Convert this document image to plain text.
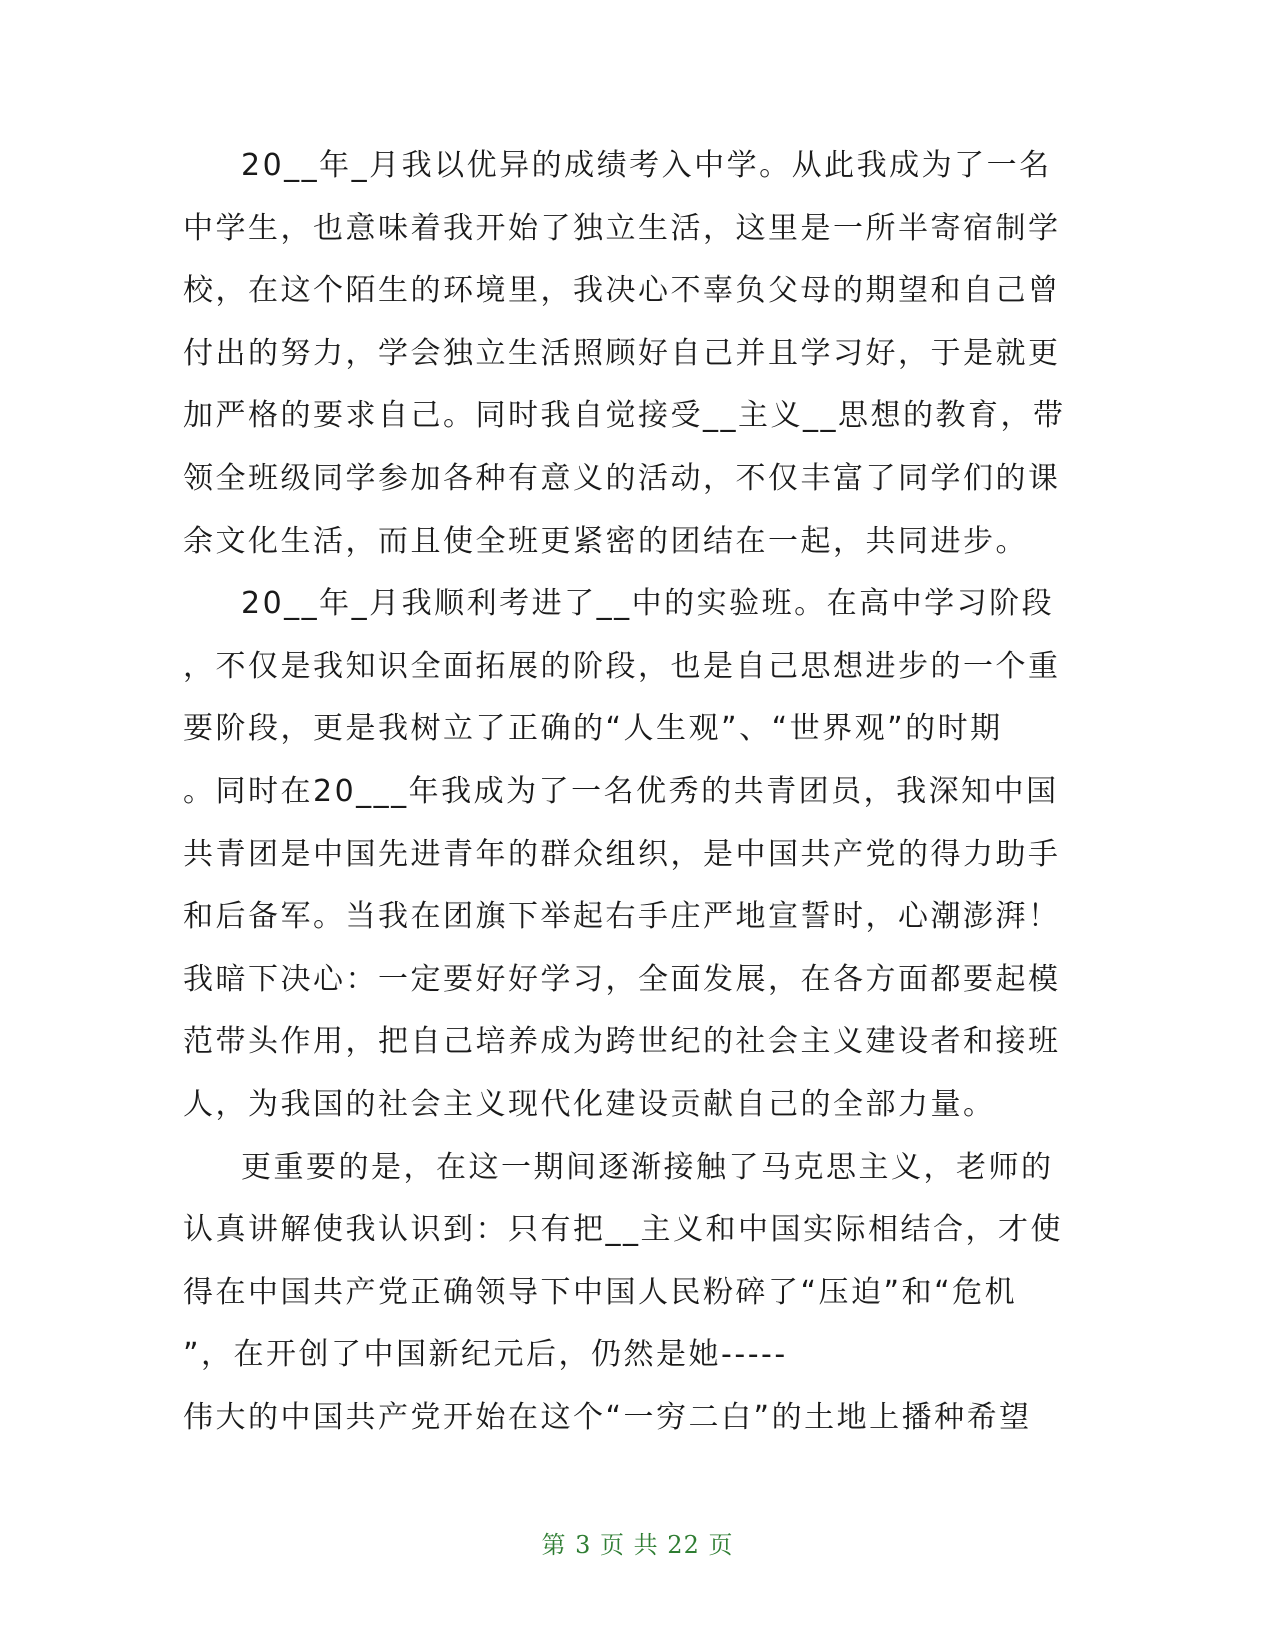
20__年_月我以优异的成绩考入中学。从此我成为了一名
中学生，也意味着我开始了独立生活，这里是一所半寄宿制学
校，在这个陌生的环境里，我决心不辜负父母的期望和自己曾
付出的努力，学会独立生活照顾好自己并且学习好，于是就更
加严格的要求自己。同时我自觉接受__主义__思想的教育，带
领全班级同学参加各种有意义的活动，不仅丰富了同学们的课
余文化生活，而且使全班更紧密的团结在一起，共同进步。
20__年_月我顺利考进了__中的实验班。在高中学习阶段
，不仅是我知识全面拓展的阶段，也是自己思想进步的一个重
要阶段，更是我树立了正确的“人生观”、“世界观”的时期
。同时在20___年我成为了一名优秀的共青团员，我深知中国
共青团是中国先进青年的群众组织，是中国共产党的得力助手
和后备军。当我在团旗下举起右手庄严地宣誓时，心潮澎湃！
我暗下决心：一定要好好学习，全面发展，在各方面都要起模
范带头作用，把自己培养成为跨世纪的社会主义建设者和接班
人，为我国的社会主义现代化建设贡献自己的全部力量。
更重要的是，在这一期间逐渐接触了马克思主义，老师的
认真讲解使我认识到：只有把__主义和中国实际相结合，才使
得在中国共产党正确领导下中国人民粉碎了“压迫”和“危机
”，在开创了中国新纪元后，仍然是她-----
伟大的中国共产党开始在这个“一穷二白”的土地上播种希望
第 3 页 共 22 页
